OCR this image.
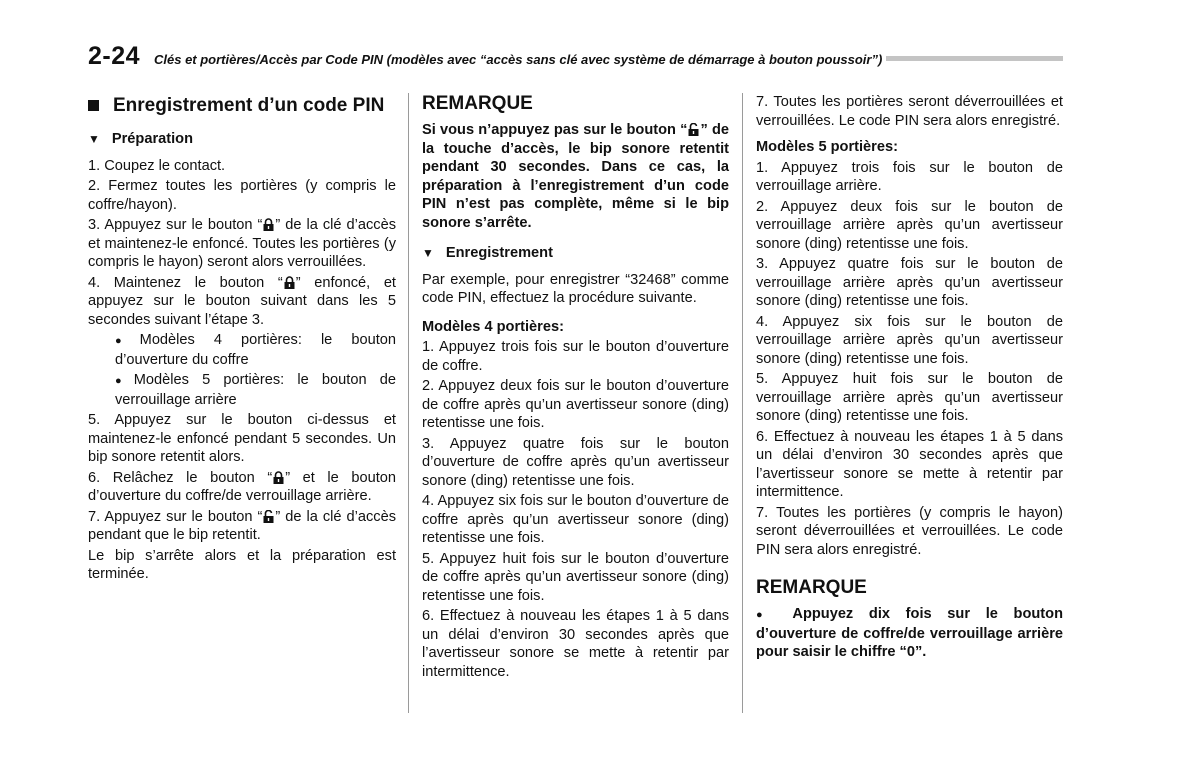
2-24 Clés et portières/Accès par Code PIN (modèles avec “accès sans clé avec système de démarrage à bouton poussoir”)
Enregistrement d’un code PIN
▼ Préparation

1. Coupez le contact.

2. Fermez toutes les portières (y compris le coffre/hayon).

3. Appuyez sur le bouton “ ” de la clé d’accès et maintenez-le enfoncé. Toutes les portières (y compris le hayon) seront alors verrouillées.

4. Maintenez le bouton “ ” enfoncé, et appuyez sur le bouton suivant dans les 5 secondes suivant l’étape 3.

● Modèles 4 portières: le bouton d’ouverture du coffre

● Modèles 5 portières: le bouton de verrouillage arrière

5. Appuyez sur le bouton ci-dessus et maintenez-le enfoncé pendant 5 secondes. Un bip sonore retentit alors.

6. Relâchez le bouton “ ” et le bouton d’ouverture du coffre/de verrouillage arrière.

7. Appuyez sur le bouton “ ” de la clé d’accès pendant que le bip retentit.

Le bip s’arrête alors et la préparation est terminée.

REMARQUE

Si vous n’appuyez pas sur le bouton “ ” de la touche d’accès, le bip sonore retentit pendant 30 secondes. Dans ce cas, la préparation à l’enregistrement d’un code PIN n’est pas complète, même si le bip sonore s’arrête.

▼ Enregistrement

Par exemple, pour enregistrer “32468” comme code PIN, effectuez la procédure suivante.

Modèles 4 portières:

1. Appuyez trois fois sur le bouton d’ouverture de coffre.

2. Appuyez deux fois sur le bouton d’ouverture de coffre après qu’un avertisseur sonore (ding) retentisse une fois.

3. Appuyez quatre fois sur le bouton d’ouverture de coffre après qu’un avertisseur sonore (ding) retentisse une fois.

4. Appuyez six fois sur le bouton d’ouverture de coffre après qu’un avertisseur sonore (ding) retentisse une fois.

5. Appuyez huit fois sur le bouton d’ouverture de coffre après qu’un avertisseur sonore (ding) retentisse une fois.

6. Effectuez à nouveau les étapes 1 à 5 dans un délai d’environ 30 secondes après que l’avertisseur sonore se mette à retentir par intermittence.

7. Toutes les portières seront déverrouillées et verrouillées. Le code PIN sera alors enregistré.

Modèles 5 portières:

1. Appuyez trois fois sur le bouton de verrouillage arrière.

2. Appuyez deux fois sur le bouton de verrouillage arrière après qu’un avertisseur sonore (ding) retentisse une fois.

3. Appuyez quatre fois sur le bouton de verrouillage arrière après qu’un avertisseur sonore (ding) retentisse une fois.

4. Appuyez six fois sur le bouton de verrouillage arrière après qu’un avertisseur sonore (ding) retentisse une fois.

5. Appuyez huit fois sur le bouton de verrouillage arrière après qu’un avertisseur sonore (ding) retentisse une fois.

6. Effectuez à nouveau les étapes 1 à 5 dans un délai d’environ 30 secondes après que l’avertisseur sonore se mette à retentir par intermittence.

7. Toutes les portières (y compris le hayon) seront déverrouillées et verrouillées. Le code PIN sera alors enregistré.

REMARQUE

● Appuyez dix fois sur le bouton d’ouverture de coffre/de verrouillage arrière pour saisir le chiffre “0”.
